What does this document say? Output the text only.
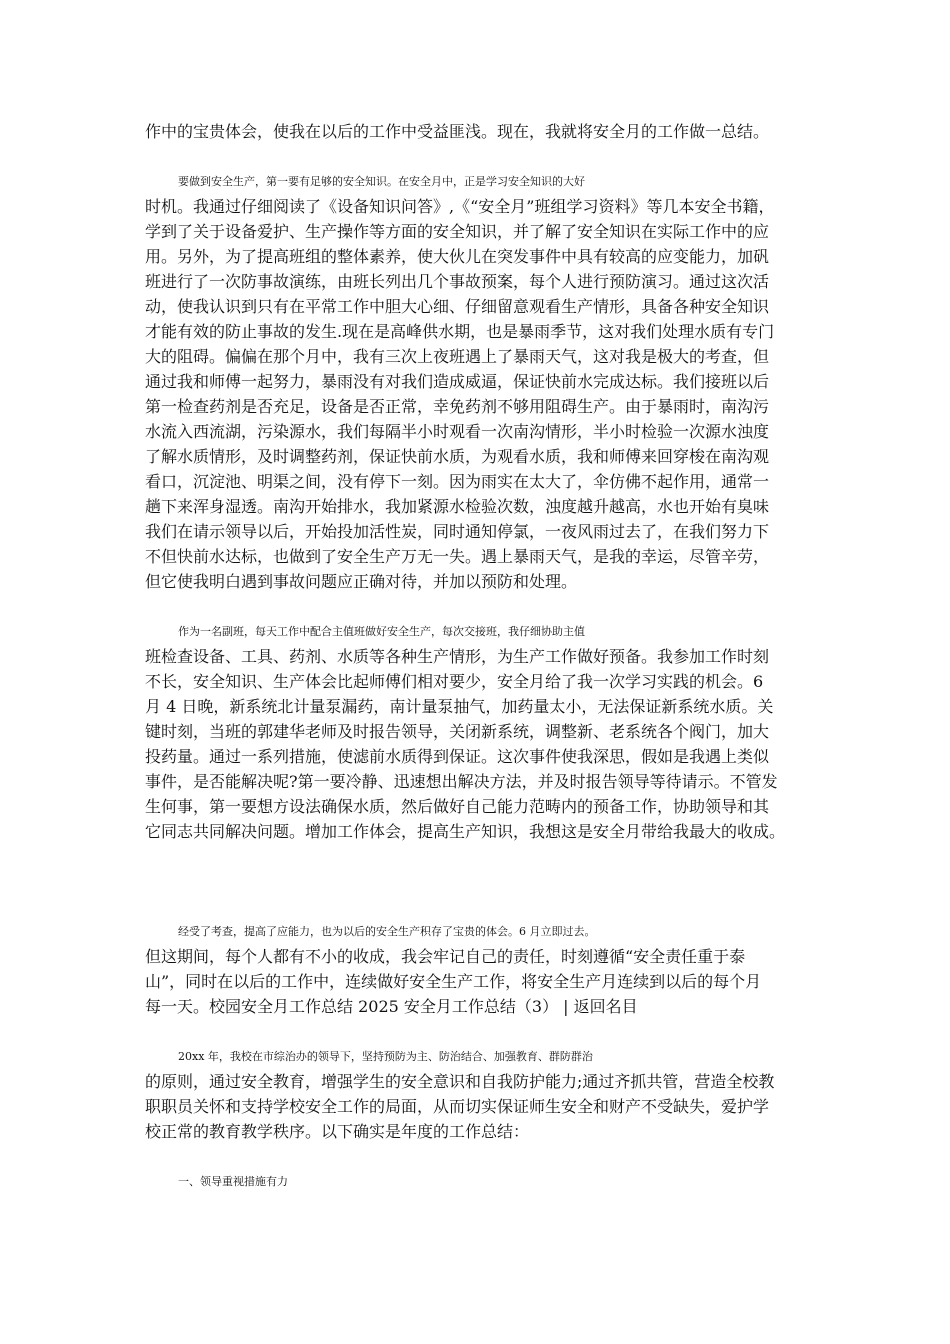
作中的宝贵体会，使我在以后的工作中受益匪浅。现在，我就将安全月的工作做一总结。
要做到安全生产，第一要有足够的安全知识。在安全月中，正是学习安全知识的大好
时机。我通过仔细阅读了《设备知识问答》,《“安全月”班组学习资料》等几本安全书籍，
学到了关于设备爱护、生产操作等方面的安全知识，并了解了安全知识在实际工作中的应
用。另外，为了提高班组的整体素养，使大伙儿在突发事件中具有较高的应变能力，加矾
班进行了一次防事故演练，由班长列出几个事故预案，每个人进行预防演习。通过这次活
动，使我认识到只有在平常工作中胆大心细、仔细留意观看生产情形，具备各种安全知识
才能有效的防止事故的发生.现在是高峰供水期，也是暴雨季节，这对我们处理水质有专门
大的阻碍。偏偏在那个月中，我有三次上夜班遇上了暴雨天气，这对我是极大的考查，但
通过我和师傅一起努力，暴雨没有对我们造成威逼，保证快前水完成达标。我们接班以后
第一检查药剂是否充足，设备是否正常，幸免药剂不够用阻碍生产。由于暴雨时，南沟污
水流入西流湖，污染源水，我们每隔半小时观看一次南沟情形，半小时检验一次源水浊度
了解水质情形，及时调整药剂，保证快前水质，为观看水质，我和师傅来回穿梭在南沟观
看口，沉淀池、明渠之间，没有停下一刻。因为雨实在太大了，伞仿佛不起作用，通常一
趟下来浑身湿透。南沟开始排水，我加紧源水检验次数，浊度越升越高，水也开始有臭味
我们在请示领导以后，开始投加活性炭，同时通知停氯，一夜风雨过去了，在我们努力下
不但快前水达标，也做到了安全生产万无一失。遇上暴雨天气，是我的幸运，尽管辛劳，
但它使我明白遇到事故问题应正确对待，并加以预防和处理。
作为一名副班，每天工作中配合主值班做好安全生产，每次交接班，我仔细协助主值
班检查设备、工具、药剂、水质等各种生产情形，为生产工作做好预备。我参加工作时刻
不长，安全知识、生产体会比起师傅们相对要少，安全月给了我一次学习实践的机会。6
月 4 日晚，新系统北计量泵漏药，南计量泵抽气，加药量太小，无法保证新系统水质。关
键时刻，当班的郭建华老师及时报告领导，关闭新系统，调整新、老系统各个阀门，加大
投药量。通过一系列措施，使滤前水质得到保证。这次事件使我深思，假如是我遇上类似
事件，是否能解决呢?第一要冷静、迅速想出解决方法，并及时报告领导等待请示。不管发
生何事，第一要想方设法确保水质，然后做好自己能力范畴内的预备工作，协助领导和其
它同志共同解决问题。增加工作体会，提高生产知识，我想这是安全月带给我最大的收成。
经受了考查，提高了应能力，也为以后的安全生产积存了宝贵的体会。6 月立即过去。
但这期间，每个人都有不小的收成，我会牢记自己的责任，时刻遵循“安全责任重于泰
山”，同时在以后的工作中，连续做好安全生产工作，将安全生产月连续到以后的每个月
每一天。校园安全月工作总结 2025 安全月工作总结（3） | 返回名目
20xx 年，我校在市综治办的领导下，坚持预防为主、防治结合、加强教育、群防群治
的原则，通过安全教育，增强学生的安全意识和自我防护能力;通过齐抓共管，营造全校教
职职员关怀和支持学校安全工作的局面，从而切实保证师生安全和财产不受缺失，爱护学
校正常的教育教学秩序。以下确实是年度的工作总结：
一、领导重视措施有力
